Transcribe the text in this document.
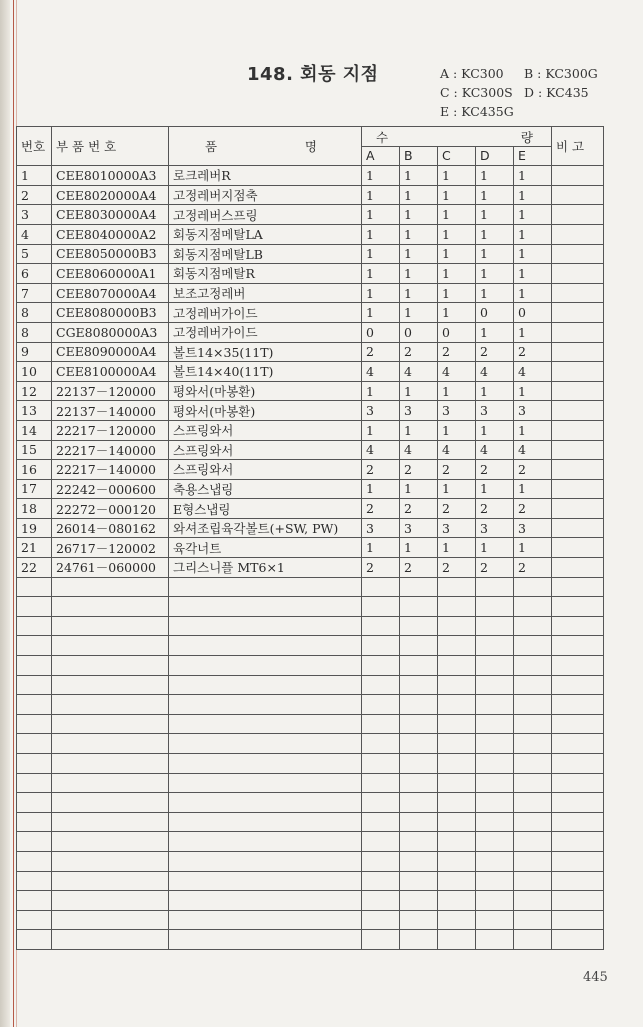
148. 회동 지점	A : KC300 B : KC300G
C : KC300S D : KC435
E : KC435G
번호	부 품 번 호	품 명	수 량					비 고
			A	B	C	D	E	
1	CEE8010000A3	로크레버R	1	1	1	1	1	
2	CEE8020000A4	고정레버지점축	1	1	1	1	1	
3	CEE8030000A4	고정레버스프링	1	1	1	1	1	
4	CEE8040000A2	회동지점메탈LA	1	1	1	1	1	
5	CEE8050000B3	회동지점메탈LB	1	1	1	1	1	
6	CEE8060000A1	회동지점메탈R	1	1	1	1	1	
7	CEE8070000A4	보조고정레버	1	1	1	1	1	
8	CEE8080000B3	고정레버가이드	1	1	1	0	0	
8	CGE8080000A3	고정레버가이드	0	0	0	1	1	
9	CEE8090000A4	볼트14×35(11T)	2	2	2	2	2	
10	CEE8100000A4	볼트14×40(11T)	4	4	4	4	4	
12	22137－120000	평와서(마봉환)	1	1	1	1	1	
13	22137－140000	평와서(마봉환)	3	3	3	3	3	
14	22217－120000	스프링와서	1	1	1	1	1	
15	22217－140000	스프링와서	4	4	4	4	4	
16	22217－140000	스프링와서	2	2	2	2	2	
17	22242－000600	축용스냅링	1	1	1	1	1	
18	22272－000120	E형스냅링	2	2	2	2	2	
19	26014－080162	와셔조립육각볼트(+SW, PW)	3	3	3	3	3	
21	26717－120002	육각너트	1	1	1	1	1	
22	24761－060000	그리스니플 MT6×1	2	2	2	2	2	

445
